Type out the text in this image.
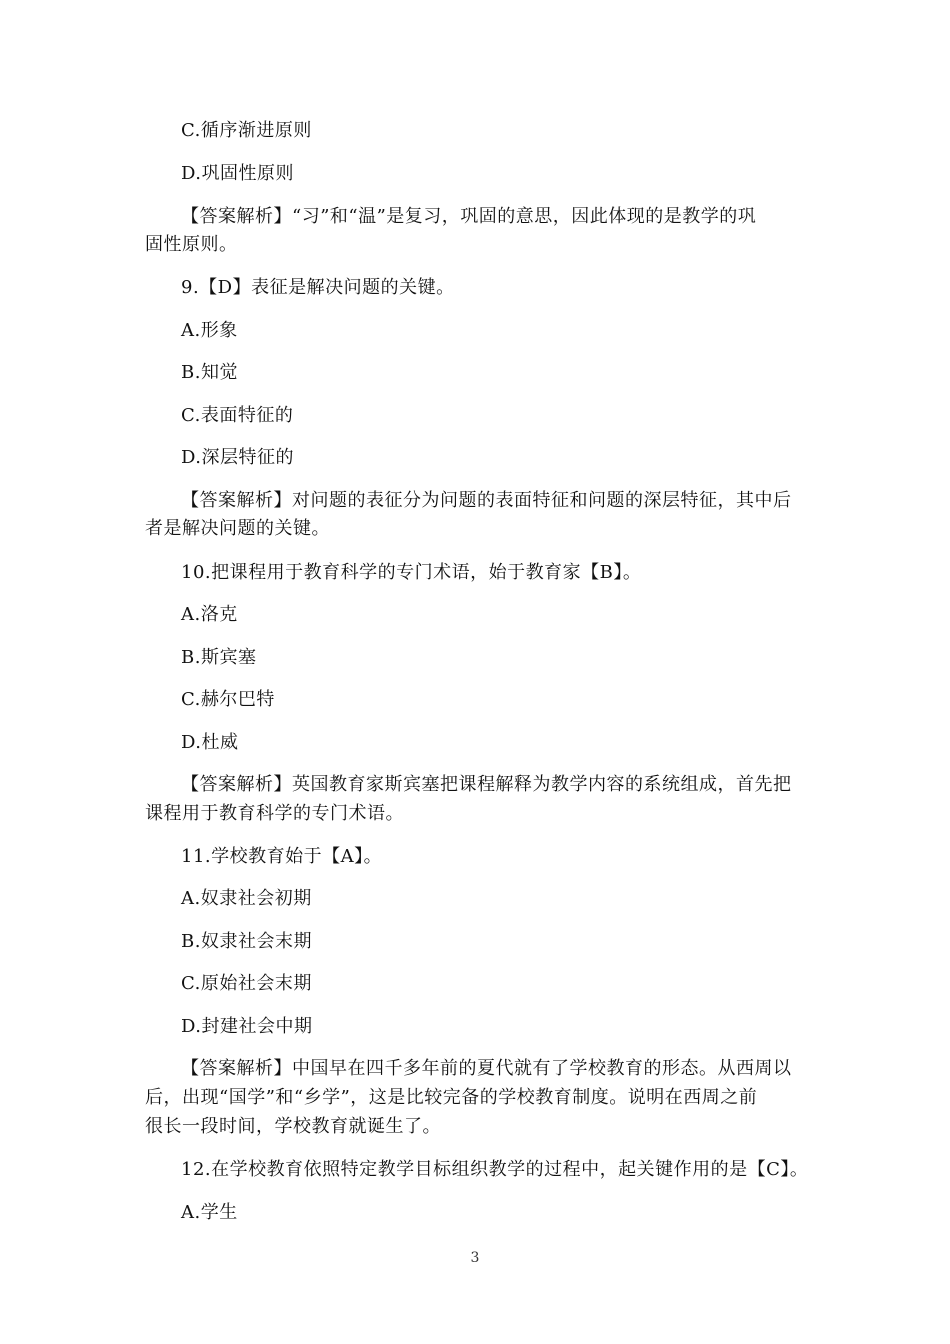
C.循序渐进原则
D.巩固性原则
【答案解析】“习”和“温”是复习，巩固的意思，因此体现的是教学的巩
固性原则。
9.【D】表征是解决问题的关键。
A.形象
B.知觉
C.表面特征的
D.深层特征的
【答案解析】对问题的表征分为问题的表面特征和问题的深层特征，其中后
者是解决问题的关键。
10.把课程用于教育科学的专门术语，始于教育家【B】。
A.洛克
B.斯宾塞
C.赫尔巴特
D.杜威
【答案解析】英国教育家斯宾塞把课程解释为教学内容的系统组成，首先把
课程用于教育科学的专门术语。
11.学校教育始于【A】。
A.奴隶社会初期
B.奴隶社会末期
C.原始社会末期
D.封建社会中期
【答案解析】中国早在四千多年前的夏代就有了学校教育的形态。从西周以
后，出现“国学”和“乡学”，这是比较完备的学校教育制度。说明在西周之前
很长一段时间，学校教育就诞生了。
12.在学校教育依照特定教学目标组织教学的过程中，起关键作用的是【C】。
A.学生
3
